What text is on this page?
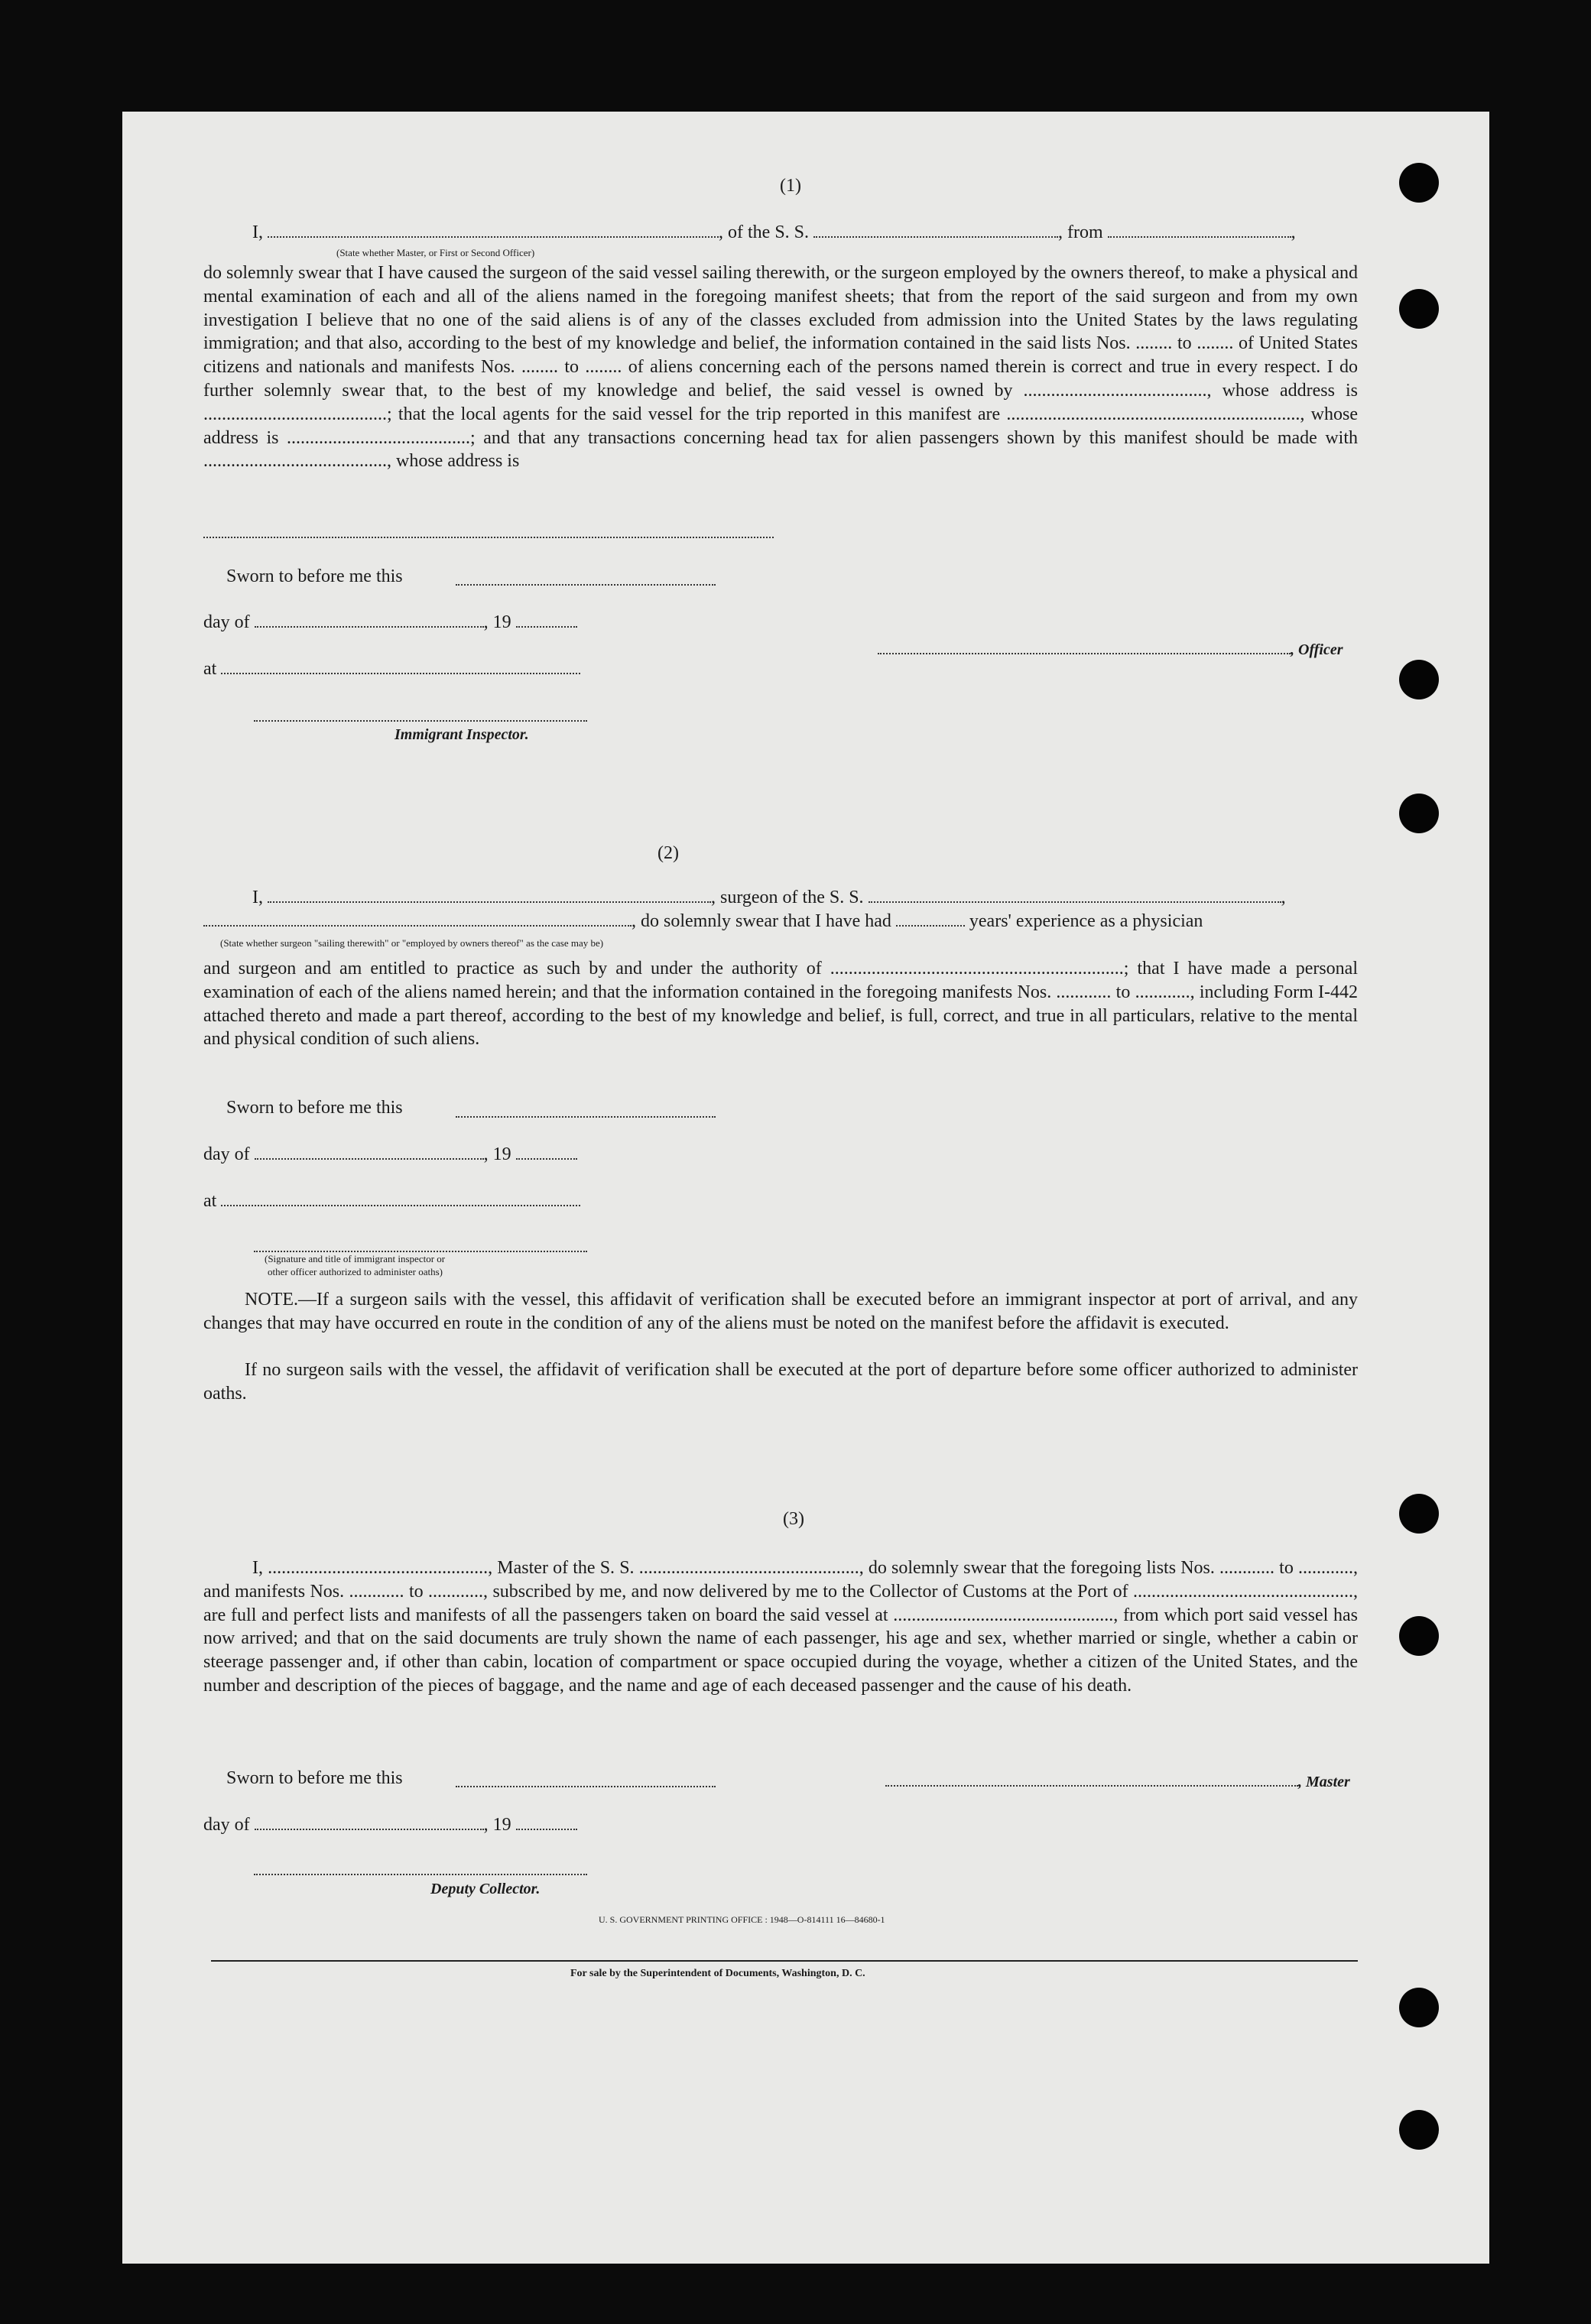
(1)
I,	, of the S. S.	, from	,
(State whether Master, or First or Second Officer)
do solemnly swear that I have caused the surgeon of the said vessel sailing therewith, or the surgeon employed by the owners thereof, to make a physical and mental examination of each and all of the aliens named in the foregoing manifest sheets; that from the report of the said surgeon and from my own investigation I believe that no one of the said aliens is of any of the classes excluded from admission into the United States by the laws regulating immigration; and that also, according to the best of my knowledge and belief, the information contained in the said lists Nos. ........ to ........ of United States citizens and nationals and manifests Nos. ........ to ........ of aliens concerning each of the persons named therein is correct and true in every respect. I do further solemnly swear that, to the best of my knowledge and belief, the said vessel is owned by ........................................, whose address is ........................................; that the local agents for the said vessel for the trip reported in this manifest are ................................................................, whose address is ........................................; and that any transactions concerning head tax for alien passengers shown by this manifest should be made with ........................................, whose address is
Sworn to before me this
day of	, 19
, Officer
at
Immigrant Inspector.
(2)
I,	, surgeon of the S. S.	,
, do solemnly swear that I have had	years' experience as a physician
(State whether surgeon "sailing therewith" or "employed by owners thereof" as the case may be)
and surgeon and am entitled to practice as such by and under the authority of ................................................................; that I have made a personal examination of each of the aliens named herein; and that the information contained in the foregoing manifests Nos. ............ to ............, including Form I-442 attached thereto and made a part thereof, according to the best of my knowledge and belief, is full, correct, and true in all particulars, relative to the mental and physical condition of such aliens.
Sworn to before me this
day of	, 19
at
(Signature and title of immigrant inspector or
other officer authorized to administer oaths)
NOTE.—If a surgeon sails with the vessel, this affidavit of verification shall be executed before an immigrant inspector at port of arrival, and any changes that may have occurred en route in the condition of any of the aliens must be noted on the manifest before the affidavit is executed.
If no surgeon sails with the vessel, the affidavit of verification shall be executed at the port of departure before some officer authorized to administer oaths.
(3)
I, ................................................, Master of the S. S. ................................................, do solemnly swear that the foregoing lists Nos. ............ to ............, and manifests Nos. ............ to ............, subscribed by me, and now delivered by me to the Collector of Customs at the Port of ................................................, are full and perfect lists and manifests of all the passengers taken on board the said vessel at ................................................, from which port said vessel has now arrived; and that on the said documents are truly shown the name of each passenger, his age and sex, whether married or single, whether a cabin or steerage passenger and, if other than cabin, location of compartment or space occupied during the voyage, whether a citizen of the United States, and the number and description of the pieces of baggage, and the name and age of each deceased passenger and the cause of his death.
Sworn to before me this	, Master
day of	, 19
Deputy Collector.
U. S. GOVERNMENT PRINTING OFFICE : 1948—O-814111 16—84680-1
For sale by the Superintendent of Documents, Washington, D. C.
